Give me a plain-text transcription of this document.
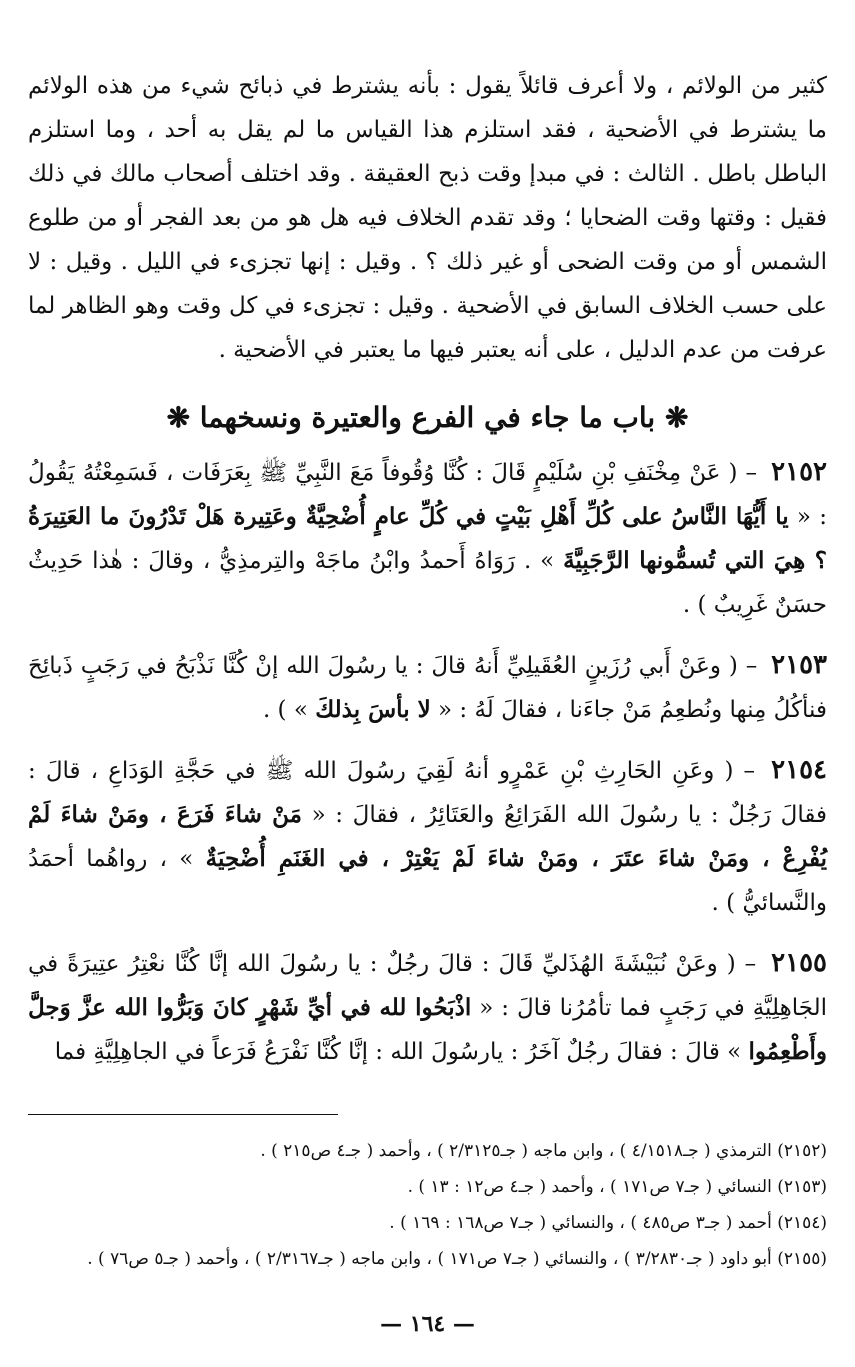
كثير من الولائم ، ولا أعرف قائلاً يقول : بأنه يشترط في ذبائح شيء من هذه الولائم ما يشترط في الأضحية ، فقد استلزم هذا القياس ما لم يقل به أحد ، وما استلزم الباطل باطل . الثالث : في مبدإ وقت ذبح العقيقة . وقد اختلف أصحاب مالك في ذلك فقيل : وقتها وقت الضحايا ؛ وقد تقدم الخلاف فيه هل هو من بعد الفجر أو من طلوع الشمس أو من وقت الضحى أو غير ذلك ؟ . وقيل : إنها تجزىء في الليل . وقيل : لا على حسب الخلاف السابق في الأضحية . وقيل : تجزىء في كل وقت وهو الظاهر لما عرفت من عدم الدليل ، على أنه يعتبر فيها ما يعتبر في الأضحية .

❋ باب ما جاء في الفرع والعتيرة ونسخهما ❋

٢١٥٢ – ( عَنْ مِخْنَفِ بْنِ سُلَيْمٍ قَالَ : كُنَّا وُقُوفاً مَعَ النَّبِيِّ ﷺ بِعَرَفَات ، فَسَمِعْتُهُ يَقُولُ : « يا أَيُّهَا النَّاسُ على كُلِّ أَهْلِ بَيْتٍ في كُلِّ عامٍ أُضْحِيَّةٌ وعَتِيرة هَلْ تَدْرُونَ ما العَتِيرَةُ ؟ هِيَ التي تُسمُّونها الرَّجَبِيَّةَ » . رَوَاهُ أَحمدُ وابْنُ ماجَهْ والتِرمذِيُّ ، وقالَ : هٰذا حَدِيثٌ حسَنٌ غَرِيبٌ ) .

٢١٥٣ – ( وعَنْ أَبي رُزَينٍ العُقَيلِيِّ أَنهُ قالَ : يا رسُولَ الله إنْ كُنَّا نَذْبَحُ في رَجَبٍ ذَبائِحَ فنأكُلُ مِنها ونُطعِمُ مَنْ جاءَنا ، فقالَ لَهُ : « لا بأسَ بِذلكَ » ) .

٢١٥٤ – ( وعَنِ الحَارِثِ بْنِ عَمْرٍو أنهُ لَقِيَ رسُولَ الله ﷺ في حَجَّةِ الوَدَاعِ ، قالَ : فقالَ رَجُلٌ : يا رسُولَ الله الفَرَائِعُ والعَتَائِرُ ، فقالَ : « مَنْ شاءَ فَرَعَ ، ومَنْ شاءَ لَمْ يُفْرِعْ ، ومَنْ شاءَ عتَرَ ، ومَنْ شاءَ لَمْ يَعْتِرْ ، في الغَنَمِ أُضْحِيَةٌ » ، رواهُما أحمَدُ والنَّسائيُّ ) .

٢١٥٥ – ( وعَنْ نُبَيْشَةَ الهُذَليِّ قَالَ : قالَ رجُلٌ : يا رسُولَ الله إنَّا كُنَّا نعْتِرُ عتِيرَةً في الجَاهِلِيَّةِ في رَجَبٍ فما تأمُرُنا قالَ : « اذْبَحُوا لله في أيِّ شَهْرٍ كانَ وَبَرُّوا الله عزَّ وَجلَّ وأَطْعِمُوا » قالَ : فقالَ رجُلٌ آخَرُ : يارسُولَ الله : إنَّا كُنَّا نَفْرَعُ فَرَعاً في الجاهِلِيَّةِ فما

(٢١٥٢) الترمذي ( جـ٤/١٥١٨ ) ، وابن ماجه ( جـ٢/٣١٢٥ ) ، وأحمد ( جـ٤ ص٢١٥ ) .

(٢١٥٣) النسائي ( جـ٧ ص١٧١ ) ، وأحمد ( جـ٤ ص١٢ : ١٣ ) .

(٢١٥٤) أحمد ( جـ٣ ص٤٨٥ ) ، والنسائي ( جـ٧ ص١٦٨ : ١٦٩ ) .

(٢١٥٥) أبو داود ( جـ٣/٢٨٣٠ ) ، والنسائي ( جـ٧ ص١٧١ ) ، وابن ماجه ( جـ٢/٣١٦٧ ) ، وأحمد ( جـ٥ ص٧٦ ) .

— ١٦٤ —
